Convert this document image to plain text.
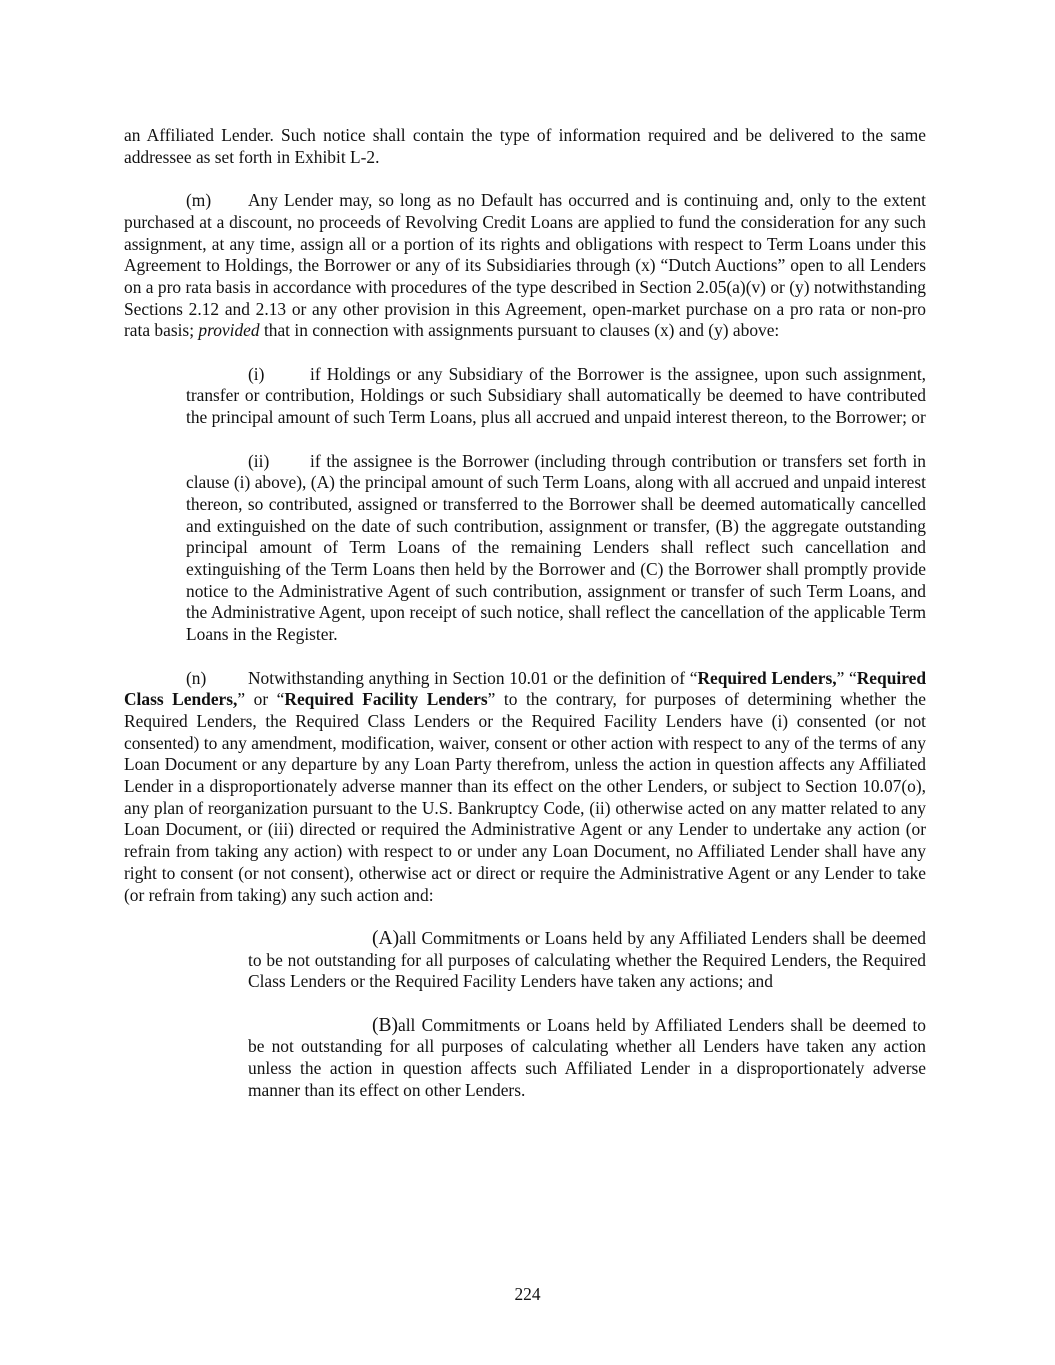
an Affiliated Lender. Such notice shall contain the type of information required and be delivered to the same addressee as set forth in Exhibit L-2.

(m) Any Lender may, so long as no Default has occurred and is continuing and, only to the extent purchased at a discount, no proceeds of Revolving Credit Loans are applied to fund the consideration for any such assignment, at any time, assign all or a portion of its rights and obligations with respect to Term Loans under this Agreement to Holdings, the Borrower or any of its Subsidiaries through (x) “Dutch Auctions” open to all Lenders on a pro rata basis in accordance with procedures of the type described in Section 2.05(a)(v) or (y) notwithstanding Sections 2.12 and 2.13 or any other provision in this Agreement, open-market purchase on a pro rata or non-pro rata basis; provided that in connection with assignments pursuant to clauses (x) and (y) above:

(i)	if Holdings or any Subsidiary of the Borrower is the assignee, upon such assignment, transfer or contribution, Holdings or such Subsidiary shall automatically be deemed to have contributed the principal amount of such Term Loans, plus all accrued and unpaid interest thereon, to the Borrower; or

(ii) if the assignee is the Borrower (including through contribution or transfers set forth in clause (i) above), (A) the principal amount of such Term Loans, along with all accrued and unpaid interest thereon, so contributed, assigned or transferred to the Borrower shall be deemed automatically cancelled and extinguished on the date of such contribution, assignment or transfer, (B) the aggregate outstanding principal amount of Term Loans of the remaining Lenders shall reflect such cancellation and extinguishing of the Term Loans then held by the Borrower and (C) the Borrower shall promptly provide notice to the Administrative Agent of such contribution, assignment or transfer of such Term Loans, and the Administrative Agent, upon receipt of such notice, shall reflect the cancellation of the applicable Term Loans in the Register.

(n) Notwithstanding anything in Section 10.01 or the definition of “Required Lenders,” “Required Class Lenders,” or “Required Facility Lenders” to the contrary, for purposes of determining whether the Required Lenders, the Required Class Lenders or the Required Facility Lenders have (i) consented (or not consented) to any amendment, modification, waiver, consent or other action with respect to any of the terms of any Loan Document or any departure by any Loan Party therefrom, unless the action in question affects any Affiliated Lender in a disproportionately adverse manner than its effect on the other Lenders, or subject to Section 10.07(o), any plan of reorganization pursuant to the U.S. Bankruptcy Code, (ii) otherwise acted on any matter related to any Loan Document, or (iii) directed or required the Administrative Agent or any Lender to undertake any action (or refrain from taking any action) with respect to or under any Loan Document, no Affiliated Lender shall have any right to consent (or not consent), otherwise act or direct or require the Administrative Agent or any Lender to take (or refrain from taking) any such action and:

(A)all Commitments or Loans held by any Affiliated Lenders shall be deemed to be not outstanding for all purposes of calculating whether the Required Lenders, the Required Class Lenders or the Required Facility Lenders have taken any actions; and

(B)all Commitments or Loans held by Affiliated Lenders shall be deemed to be not outstanding for all purposes of calculating whether all Lenders have taken any action unless the action in question affects such Affiliated Lender in a disproportionately adverse manner than its effect on other Lenders.

224
